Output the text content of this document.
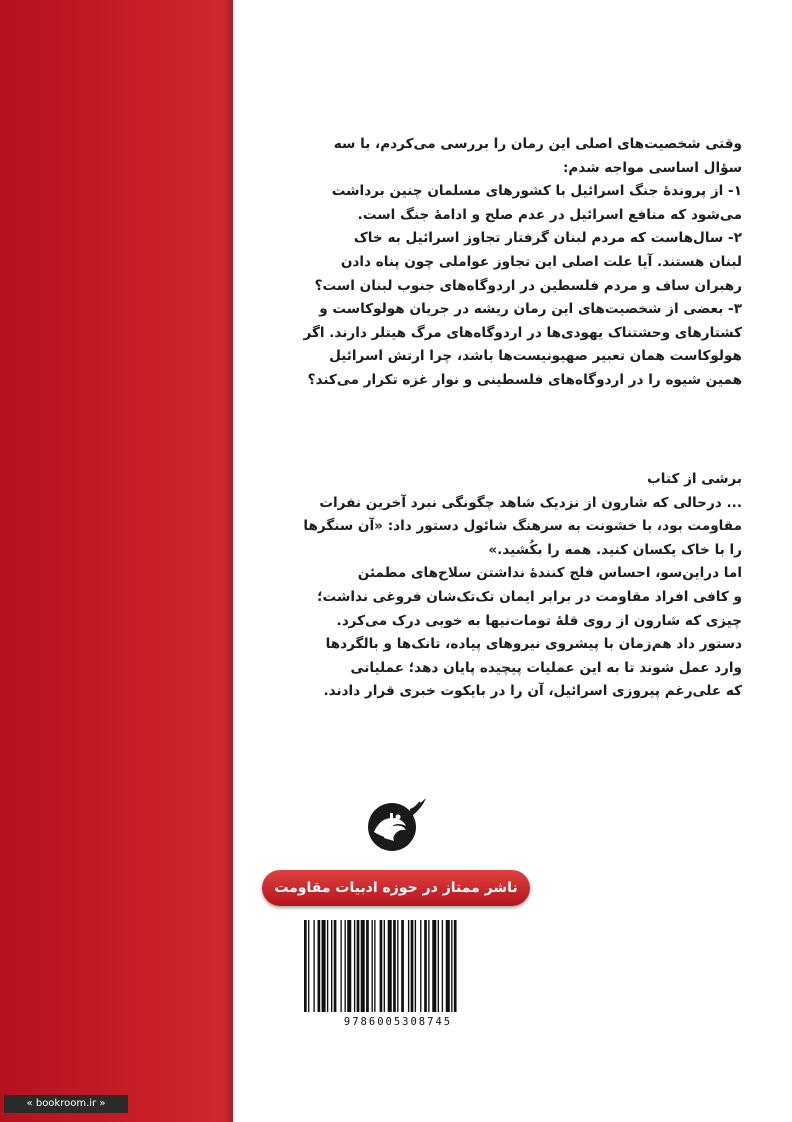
وقتی شخصیت‌های اصلی این رمان را بررسی می‌کردم، با سه

سؤال اساسی مواجه شدم:

۱- از پروندۀ جنگ اسرائیل با کشورهای مسلمان چنین برداشت

می‌شود که منافع اسرائیل در عدم صلح و ادامۀ جنگ است.

۲- سال‌هاست که مردم لبنان گرفتار تجاوز اسرائیل به خاک

لبنان هستند. آیا علت اصلی این تجاوز عواملی چون پناه دادن

رهبران ساف و مردم فلسطین در اردوگاه‌های جنوب لبنان است؟

۳- بعضی از شخصیت‌های این رمان ریشه در جریان هولوکاست و

کشتارهای وحشتناک یهودی‌ها در اردوگاه‌های مرگ هیتلر دارند. اگر

هولوکاست همان تعبیر صهیونیست‌ها باشد، چرا ارتش اسرائیل

همین شیوه را در اردوگاه‌های فلسطینی و نوار غزه تکرار می‌کند؟

برشی از کتاب

... درحالی که شارون از نزدیک شاهد چگونگی نبرد آخرین نفرات

مقاومت بود، با خشونت به سرهنگ شائول دستور داد: «آن سنگرها

را با خاک یکسان کنید. همه را بکُشید.»

اما دراین‌سو، احساس فلج کنندۀ نداشتن سلاح‌های مطمئن

و کافی افراد مقاومت در برابر ایمان تک‌تک‌شان فروغی نداشت؛

چیزی که شارون از روی قلۀ تومات‌نیها به خوبی درک می‌کرد.

دستور داد هم‌زمان با پیشروی نیروهای پیاده، تانک‌ها و بالگردها

وارد عمل شوند تا به این عملیات پیچیده پایان دهد؛ عملیاتی

که علی‌رغم پیروزی اسرائیل، آن را در بایکوت خبری قرار دادند.

ناشر ممتاز در حوزه ادبیات مقاومت
9786005308745
« bookroom.ir »
